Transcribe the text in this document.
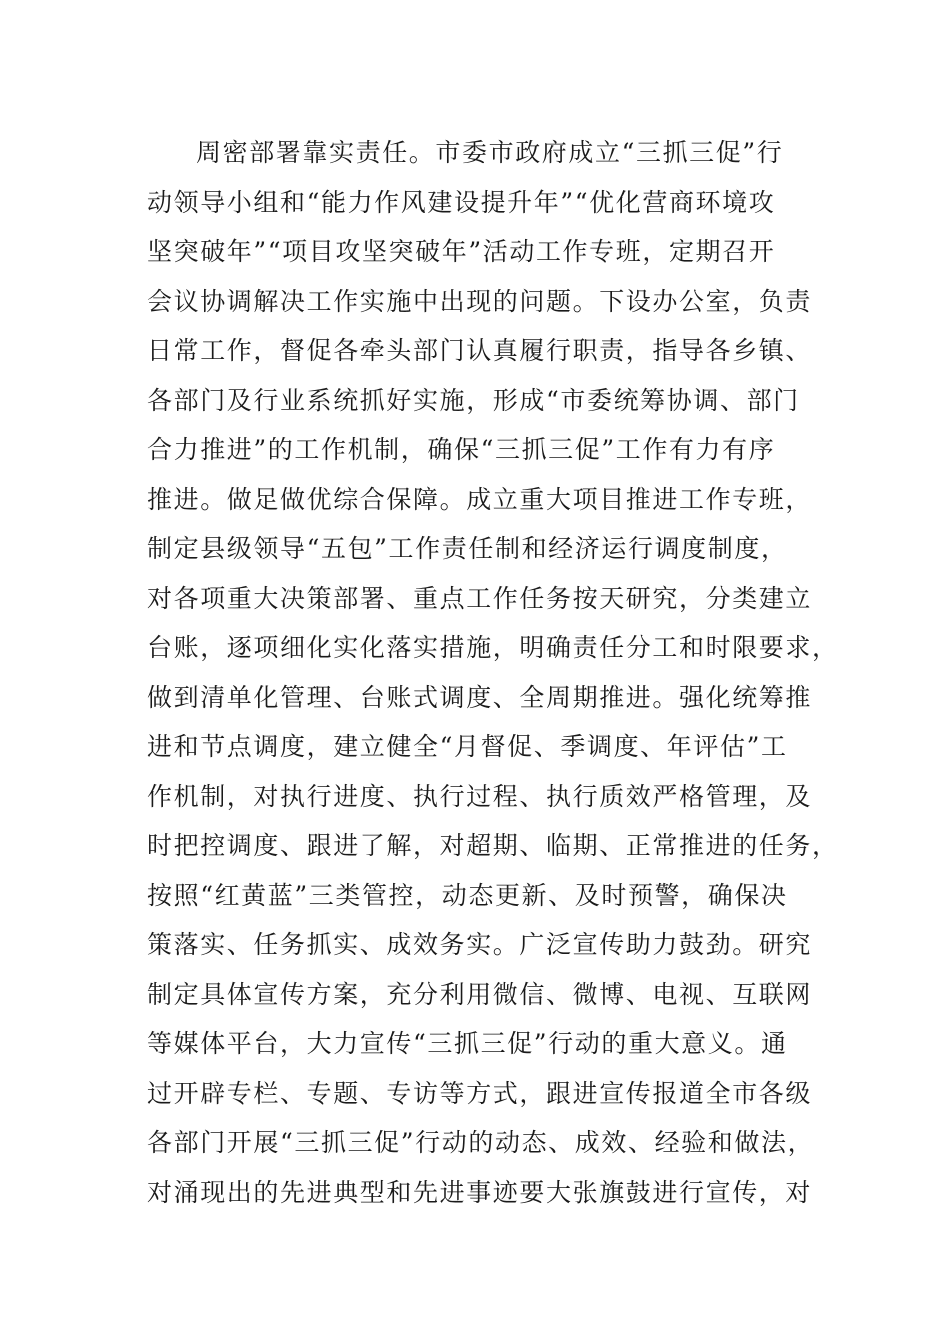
周密部署靠实责任。市委市政府成立“三抓三促”行
动领导小组和“能力作风建设提升年”“优化营商环境攻
坚突破年”“项目攻坚突破年”活动工作专班，定期召开
会议协调解决工作实施中出现的问题。下设办公室，负责
日常工作，督促各牵头部门认真履行职责，指导各乡镇、
各部门及行业系统抓好实施，形成“市委统筹协调、部门
合力推进”的工作机制，确保“三抓三促”工作有力有序
推进。做足做优综合保障。成立重大项目推进工作专班，
制定县级领导“五包”工作责任制和经济运行调度制度，
对各项重大决策部署、重点工作任务按天研究，分类建立
台账，逐项细化实化落实措施，明确责任分工和时限要求，
做到清单化管理、台账式调度、全周期推进。强化统筹推
进和节点调度，建立健全“月督促、季调度、年评估”工
作机制，对执行进度、执行过程、执行质效严格管理，及
时把控调度、跟进了解，对超期、临期、正常推进的任务，
按照“红黄蓝”三类管控，动态更新、及时预警，确保决
策落实、任务抓实、成效务实。广泛宣传助力鼓劲。研究
制定具体宣传方案，充分利用微信、微博、电视、互联网
等媒体平台，大力宣传“三抓三促”行动的重大意义。通
过开辟专栏、专题、专访等方式，跟进宣传报道全市各级
各部门开展“三抓三促”行动的动态、成效、经验和做法，
对涌现出的先进典型和先进事迹要大张旗鼓进行宣传，对
